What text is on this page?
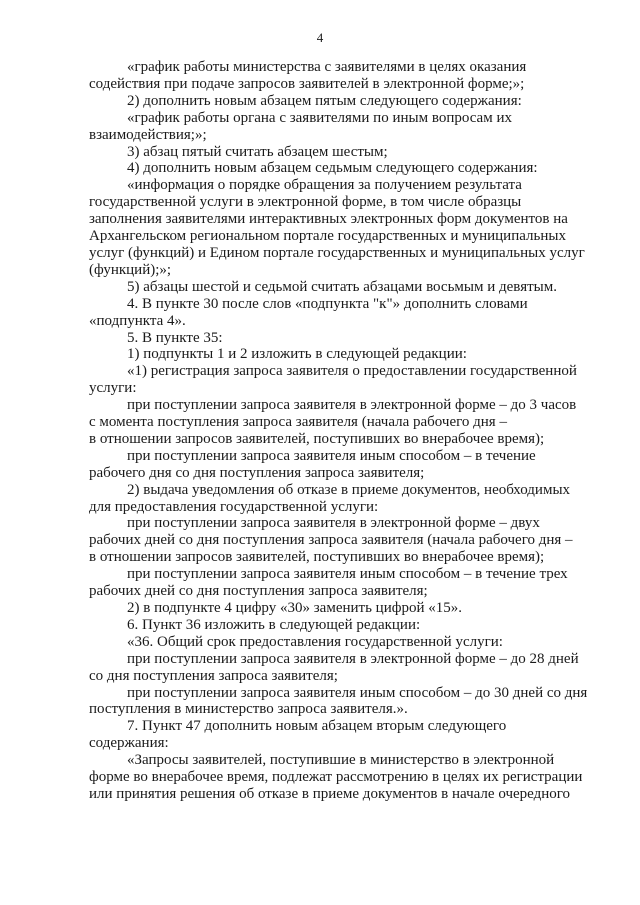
4

«график работы министерства с заявителями в целях оказания
содействия при подаче запросов заявителей в электронной форме;»;

2) дополнить новым абзацем пятым следующего содержания:

«график работы органа с заявителями по иным вопросам их
взаимодействия;»;

3) абзац пятый считать абзацем шестым;

4) дополнить новым абзацем седьмым следующего содержания:

«информация о порядке обращения за получением результата
государственной услуги в электронной форме, в том числе образцы
заполнения заявителями интерактивных электронных форм документов на
Архангельском региональном портале государственных и муниципальных
услуг (функций) и Едином портале государственных и муниципальных услуг
(функций);»;

5) абзацы шестой и седьмой считать абзацами восьмым и девятым.

4. В пункте 30 после слов «подпункта "к"» дополнить словами
«подпункта 4».

5. В пункте 35:

1) подпункты 1 и 2 изложить в следующей редакции:

«1) регистрация запроса заявителя о предоставлении государственной
услуги:

при поступлении запроса заявителя в электронной форме – до 3 часов
с момента поступления запроса заявителя (начала рабочего дня –
в отношении запросов заявителей, поступивших во внерабочее время);

при поступлении запроса заявителя иным способом – в течение
рабочего дня со дня поступления запроса заявителя;

2) выдача уведомления об отказе в приеме документов, необходимых
для предоставления государственной услуги:

при поступлении запроса заявителя в электронной форме – двух
рабочих дней со дня поступления запроса заявителя (начала рабочего дня –
в отношении запросов заявителей, поступивших во внерабочее время);

при поступлении запроса заявителя иным способом – в течение трех
рабочих дней со дня поступления запроса заявителя;

2) в подпункте 4 цифру «30» заменить цифрой «15».

6. Пункт 36 изложить в следующей редакции:

«36. Общий срок предоставления государственной услуги:

при поступлении запроса заявителя в электронной форме – до 28 дней
со дня поступления запроса заявителя;

при поступлении запроса заявителя иным способом – до 30 дней со дня
поступления в министерство запроса заявителя.».

7. Пункт 47 дополнить новым абзацем вторым следующего
содержания:

«Запросы заявителей, поступившие в министерство в электронной
форме во внерабочее время, подлежат рассмотрению в целях их регистрации
или принятия решения об отказе в приеме документов в начале очередного
